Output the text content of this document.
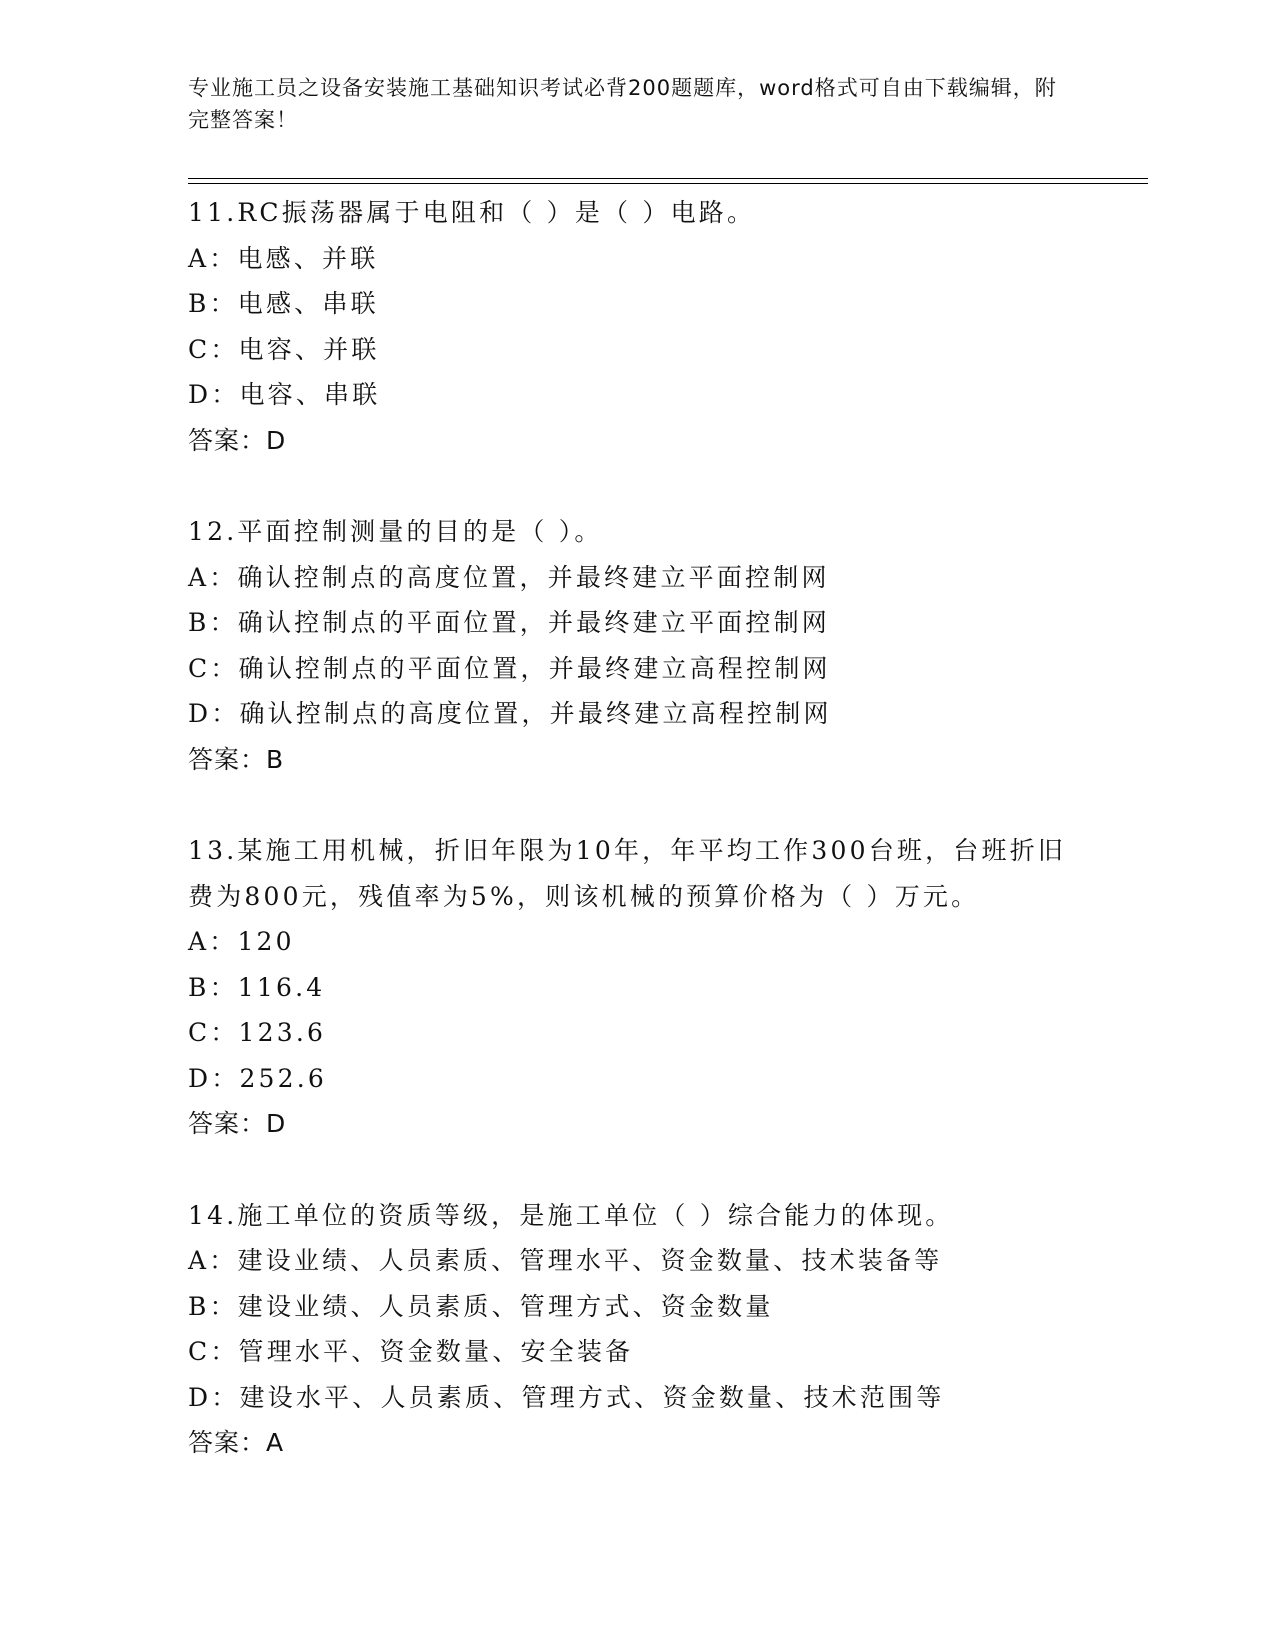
专业施工员之设备安装施工基础知识考试必背200题题库，word格式可自由下载编辑，附完整答案！
11.RC振荡器属于电阻和（ ）是（ ）电路。
A：电感、并联
B：电感、串联
C：电容、并联
D：电容、串联
答案：D
12.平面控制测量的目的是（ ）。
A：确认控制点的高度位置，并最终建立平面控制网
B：确认控制点的平面位置，并最终建立平面控制网
C：确认控制点的平面位置，并最终建立高程控制网
D：确认控制点的高度位置，并最终建立高程控制网
答案：B
13.某施工用机械，折旧年限为10年，年平均工作300台班，台班折旧费为800元，残值率为5%，则该机械的预算价格为（ ）万元。
A：120
B：116.4
C：123.6
D：252.6
答案：D
14.施工单位的资质等级，是施工单位（ ）综合能力的体现。
A：建设业绩、人员素质、管理水平、资金数量、技术装备等
B：建设业绩、人员素质、管理方式、资金数量
C：管理水平、资金数量、安全装备
D：建设水平、人员素质、管理方式、资金数量、技术范围等
答案：A
